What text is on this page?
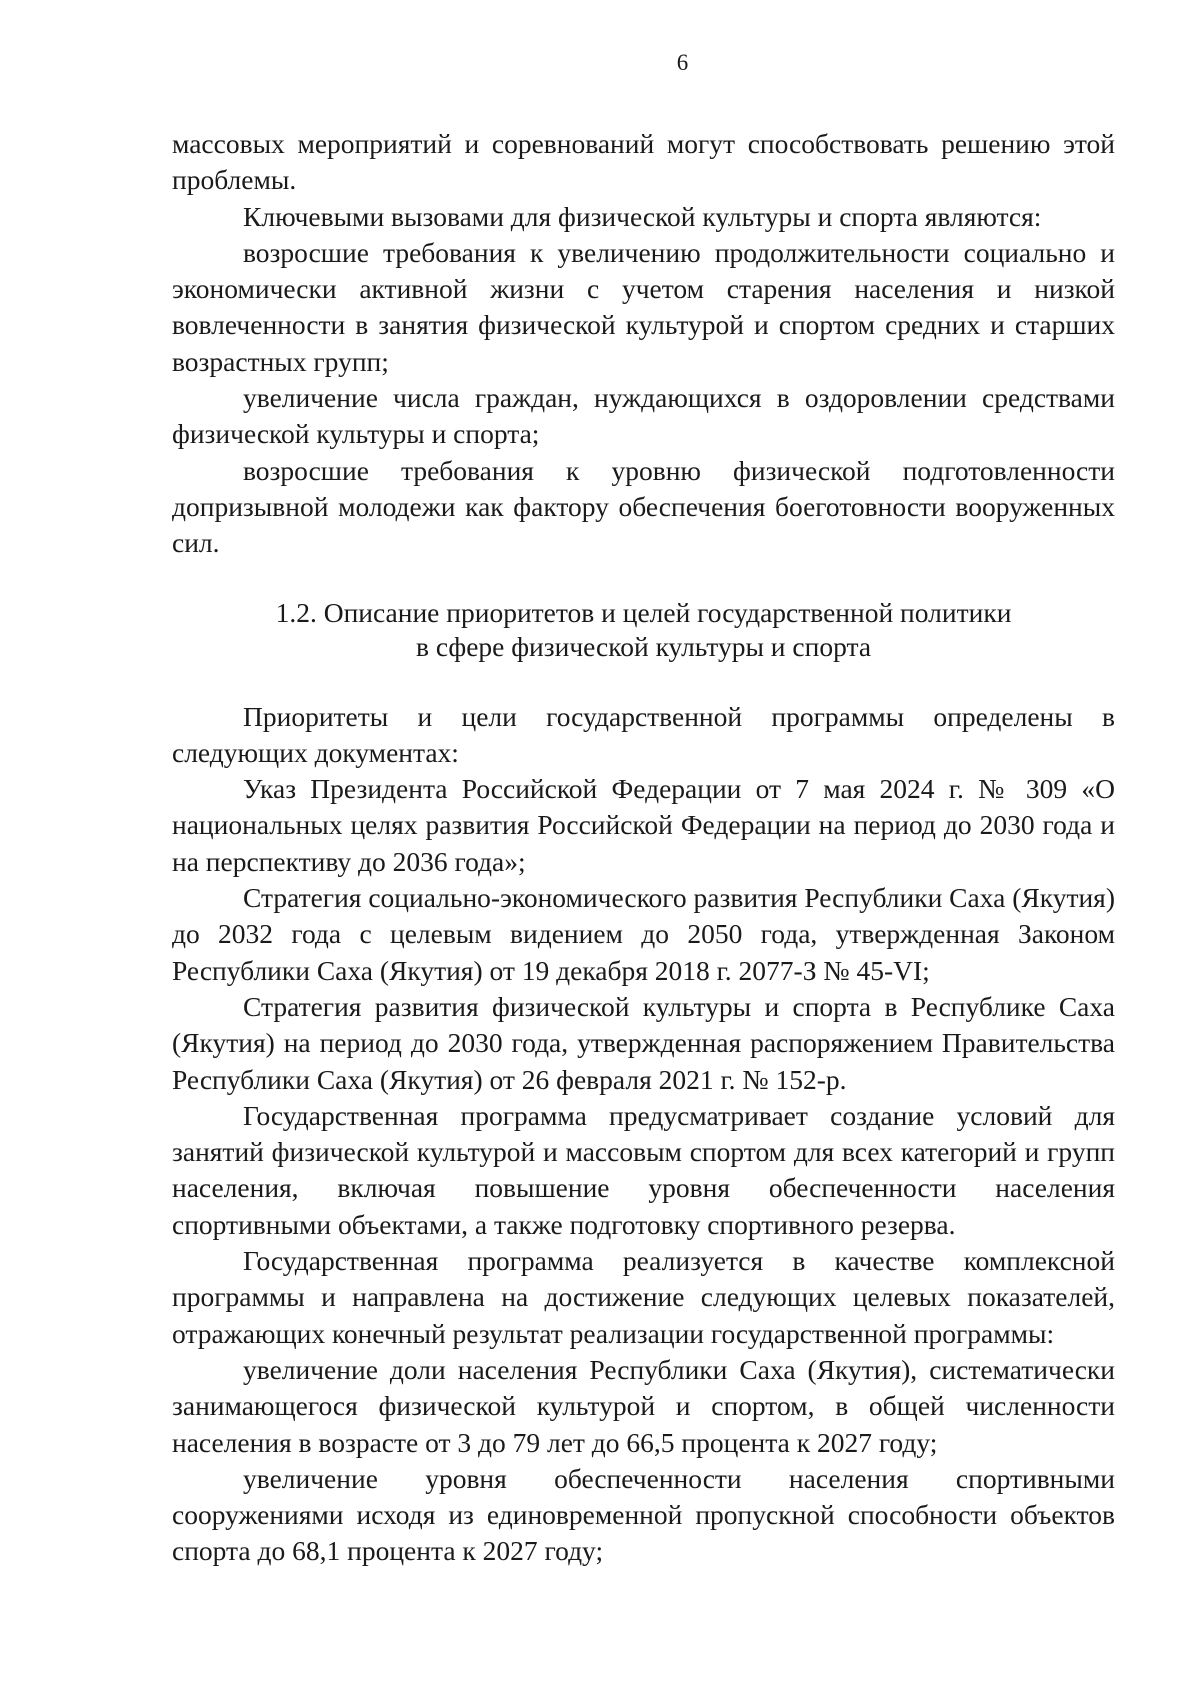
6

массовых мероприятий и соревнований могут способствовать решению этой проблемы.

Ключевыми вызовами для физической культуры и спорта являются:

возросшие требования к увеличению продолжительности социально и экономически активной жизни с учетом старения населения и низкой вовлеченности в занятия физической культурой и спортом средних и старших возрастных групп;

увеличение числа граждан, нуждающихся в оздоровлении средствами физической культуры и спорта;

возросшие требования к уровню физической подготовленности допризывной молодежи как фактору обеспечения боеготовности вооруженных сил.

1.2. Описание приоритетов и целей государственной политики
в сфере физической культуры и спорта

Приоритеты и цели государственной программы определены в следующих документах:

Указ Президента Российской Федерации от 7 мая 2024 г. № 309 «О национальных целях развития Российской Федерации на период до 2030 года и на перспективу до 2036 года»;

Стратегия социально-экономического развития Республики Саха (Якутия) до 2032 года с целевым видением до 2050 года, утвержденная Законом Республики Саха (Якутия) от 19 декабря 2018 г. 2077-З № 45-VI;

Стратегия развития физической культуры и спорта в Республике Саха (Якутия) на период до 2030 года, утвержденная распоряжением Правительства Республики Саха (Якутия) от 26 февраля 2021 г. № 152-р.

Государственная программа предусматривает создание условий для занятий физической культурой и массовым спортом для всех категорий и групп населения, включая повышение уровня обеспеченности населения спортивными объектами, а также подготовку спортивного резерва.

Государственная программа реализуется в качестве комплексной программы и направлена на достижение следующих целевых показателей, отражающих конечный результат реализации государственной программы:

увеличение доли населения Республики Саха (Якутия), систематически занимающегося физической культурой и спортом, в общей численности населения в возрасте от 3 до 79 лет до 66,5 процента к 2027 году;

увеличение уровня обеспеченности населения спортивными сооружениями исходя из единовременной пропускной способности объектов спорта до 68,1 процента к 2027 году;
